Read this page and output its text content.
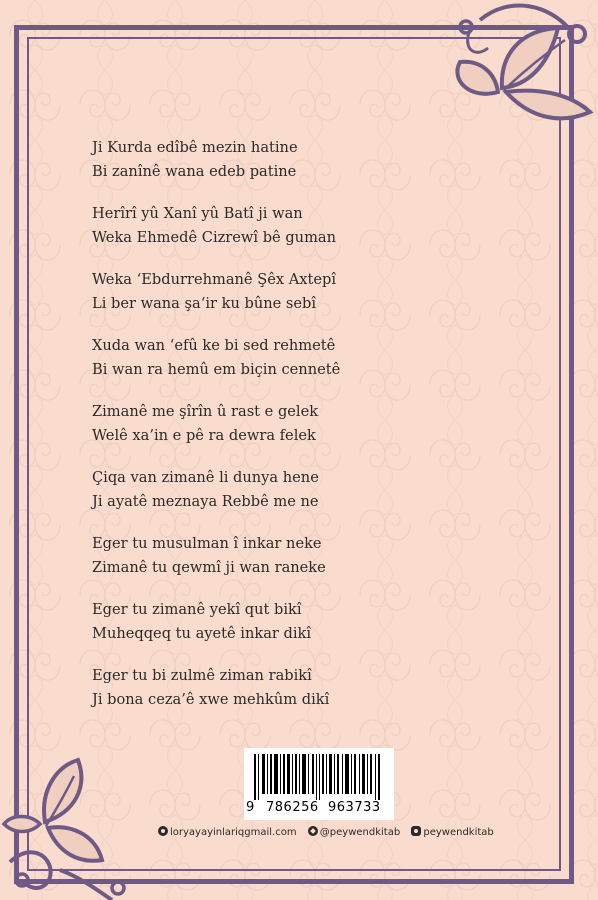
Ji Kurda edîbê mezin hatine
Bi zanînê wana edeb patine
Herîrî yû Xanî yû Batî ji wan
Weka Ehmedê Cizrewî bê guman
Weka ‘Ebdurrehmanê Şêx Axtepî
Li ber wana şa‘ir ku bûne sebî
Xuda wan ‘efû ke bi sed rehmetê
Bi wan ra hemû em biçin cennetê
Zimanê me şîrîn û rast e gelek
Welê xa’in e pê ra dewra felek
Çiqa van zimanê li dunya hene
Ji ayatê meznaya Rebbê me ne
Eger tu musulman î inkar neke
Zimanê tu qewmî ji wan raneke
Eger tu zimanê yekî qut bikî
Muheqqeq tu ayetê inkar dikî
Eger tu bi zulmê ziman rabikî
Ji bona ceza’ê xwe mehkûm dikî
9 786256 963733
loryayayinlariqgmail.com @peywendkitab peywendkitab
